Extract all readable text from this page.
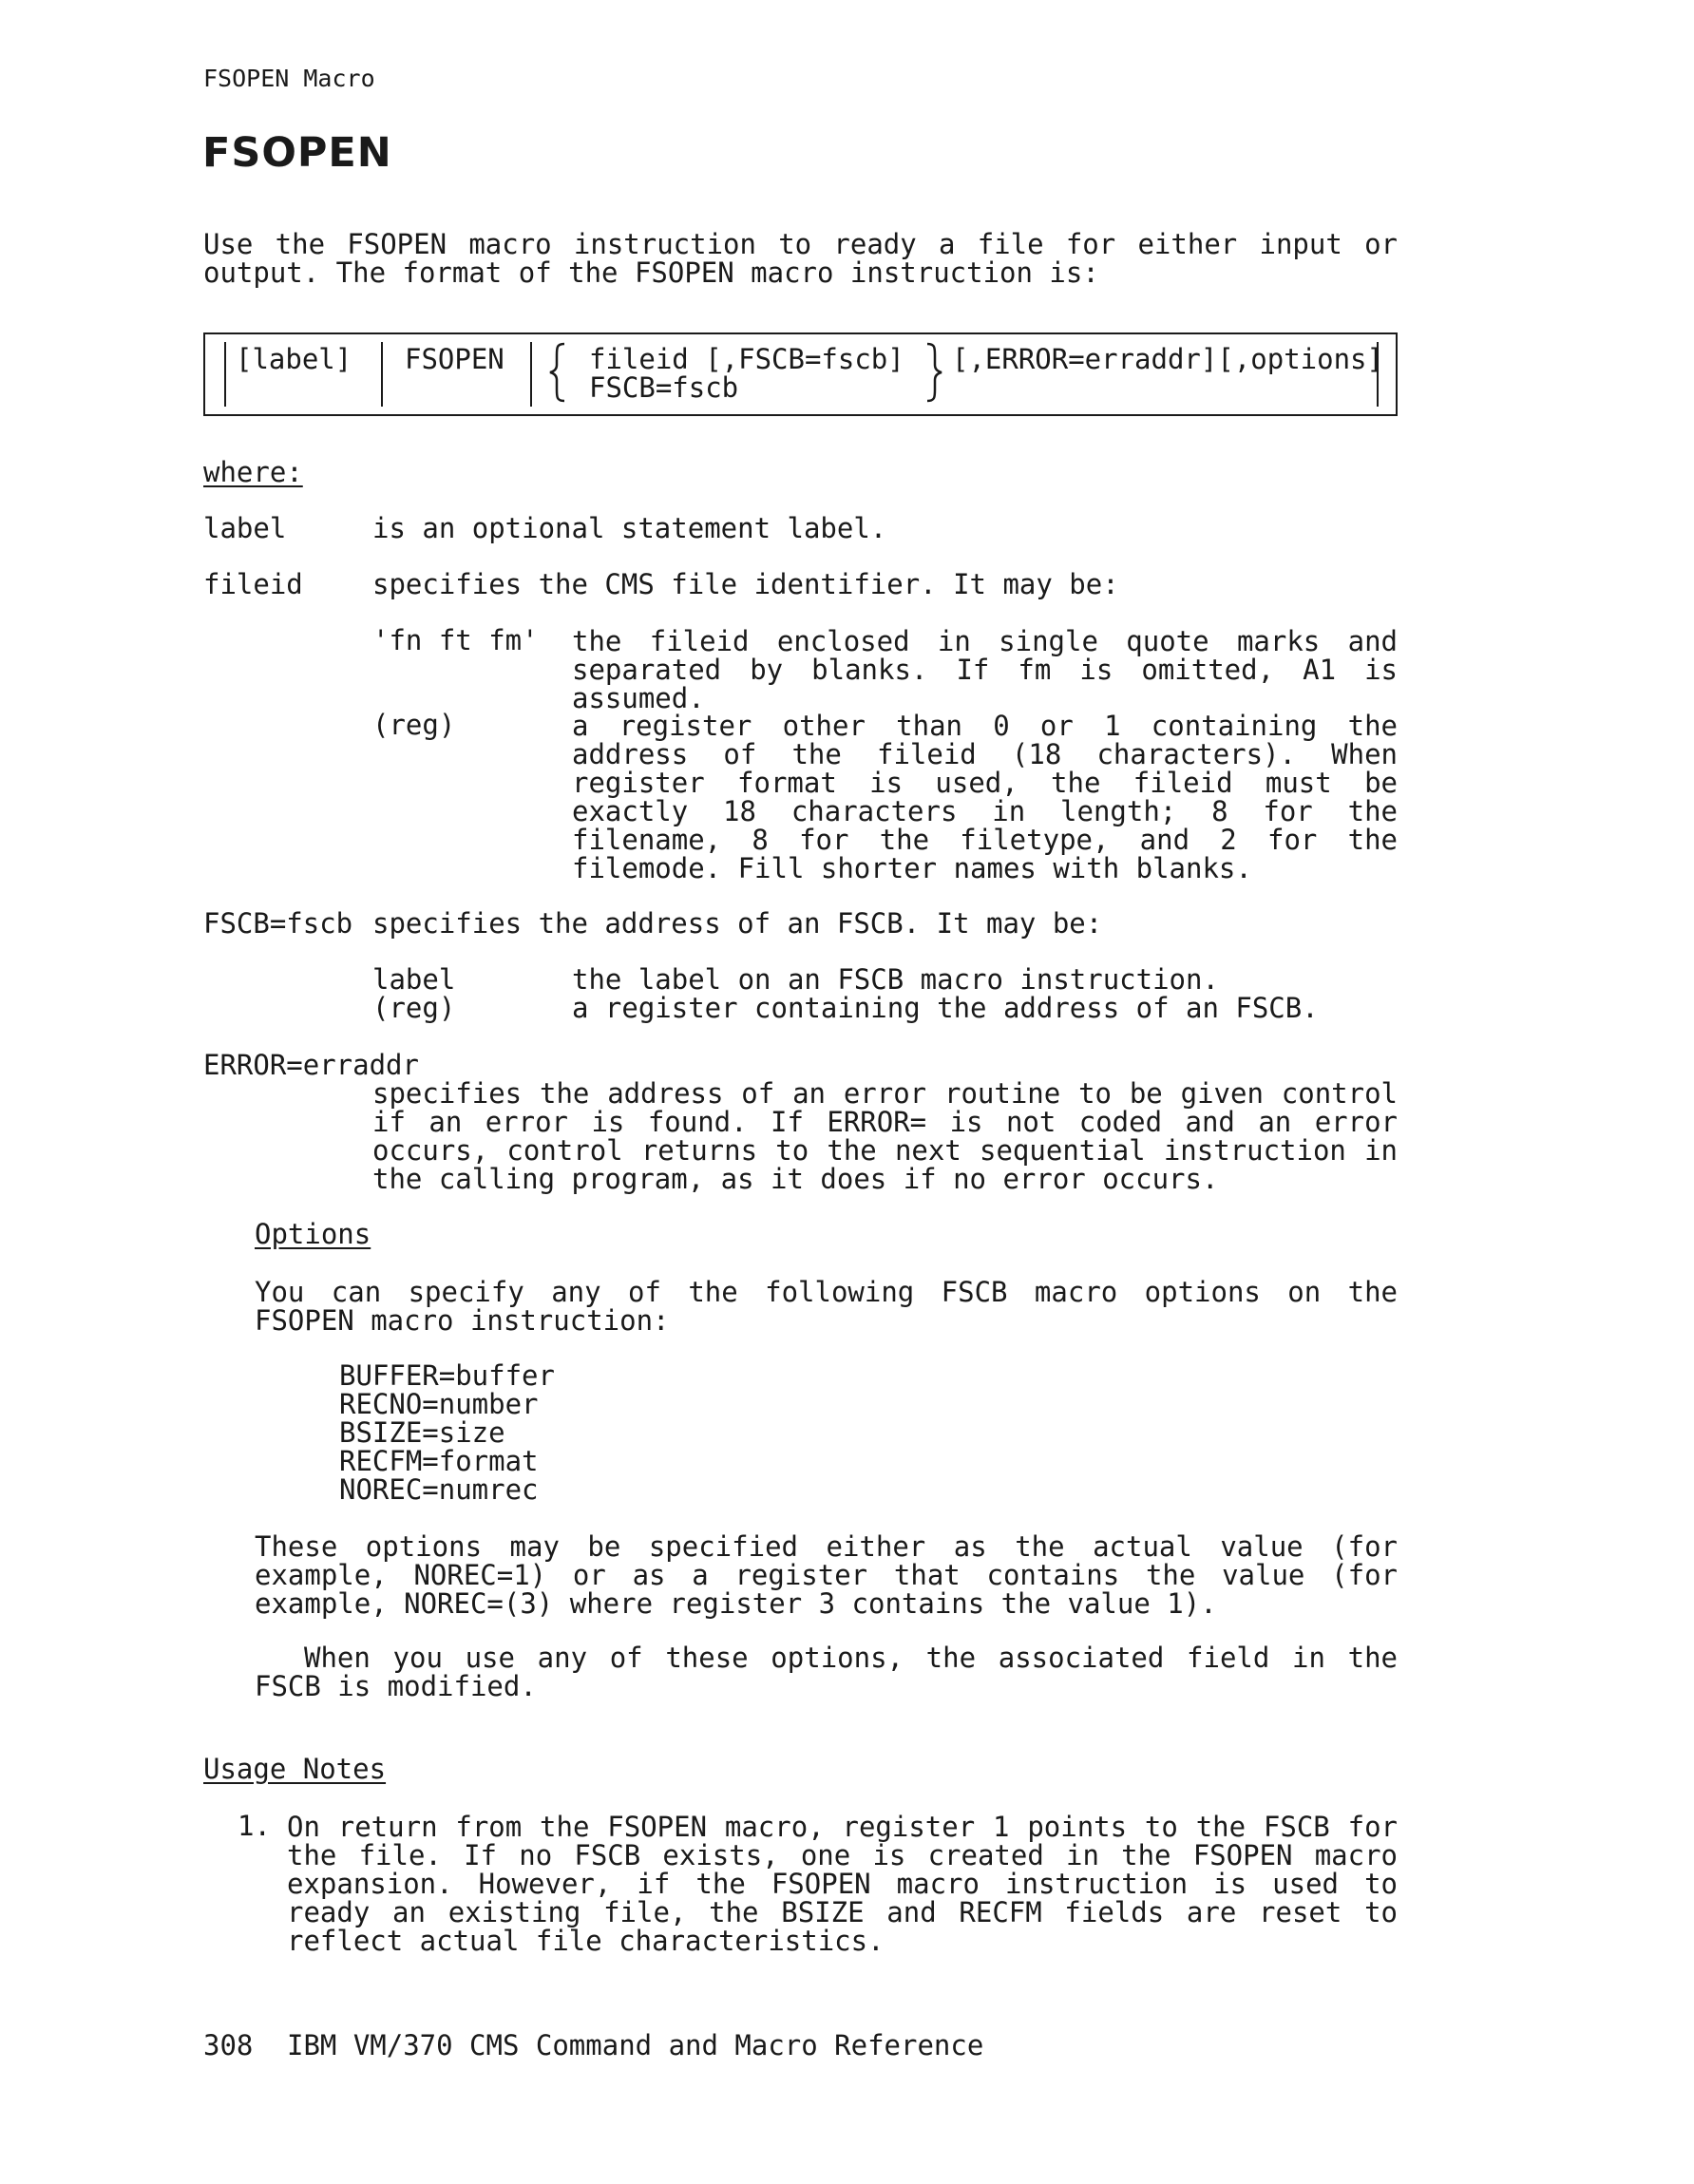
FSOPEN Macro
FSOPEN
Use the FSOPEN macro instruction to ready a file for either input or output. The format of the FSOPEN macro instruction is:
[label] FSOPEN	fileid [,FSCB=fscb]
FSCB=fscb
[,ERROR=erraddr][,options]
where:
label	is an optional statement label.
fileid	specifies the CMS file identifier. It may be:
'fn ft fm' the fileid enclosed in single quote marks and separated by blanks. If fm is omitted, A1 is assumed.
(reg)	a register other than 0 or 1 containing the address of the fileid (18 characters). When register format is used, the fileid must be exactly 18 characters in length; 8 for the filename, 8 for the filetype, and 2 for the filemode. Fill shorter names with blanks.
FSCB=fscb specifies the address of an FSCB. It may be:
label	the label on an FSCB macro instruction.
(reg)	a register containing the address of an FSCB.
ERROR=erraddr
specifies the address of an error routine to be given control if an error is found. If ERROR= is not coded and an error occurs, control returns to the next sequential instruction in the calling program, as it does if no error occurs.
Options
You can specify any of the following FSCB macro options on the FSOPEN macro instruction:
BUFFER=buffer
RECNO=number
BSIZE=size
RECFM=format
NOREC=numrec
These options may be specified either as the actual value (for example, NOREC=1) or as a register that contains the value (for example, NOREC=(3) where register 3 contains the value 1).
When you use any of these options, the associated field in the FSCB is modified.
Usage Notes
1. On return from the FSOPEN macro, register 1 points to the FSCB for the file. If no FSCB exists, one is created in the FSOPEN macro expansion. However, if the FSOPEN macro instruction is used to ready an existing file, the BSIZE and RECFM fields are reset to reflect actual file characteristics.
308 IBM VM/370 CMS Command and Macro Reference
